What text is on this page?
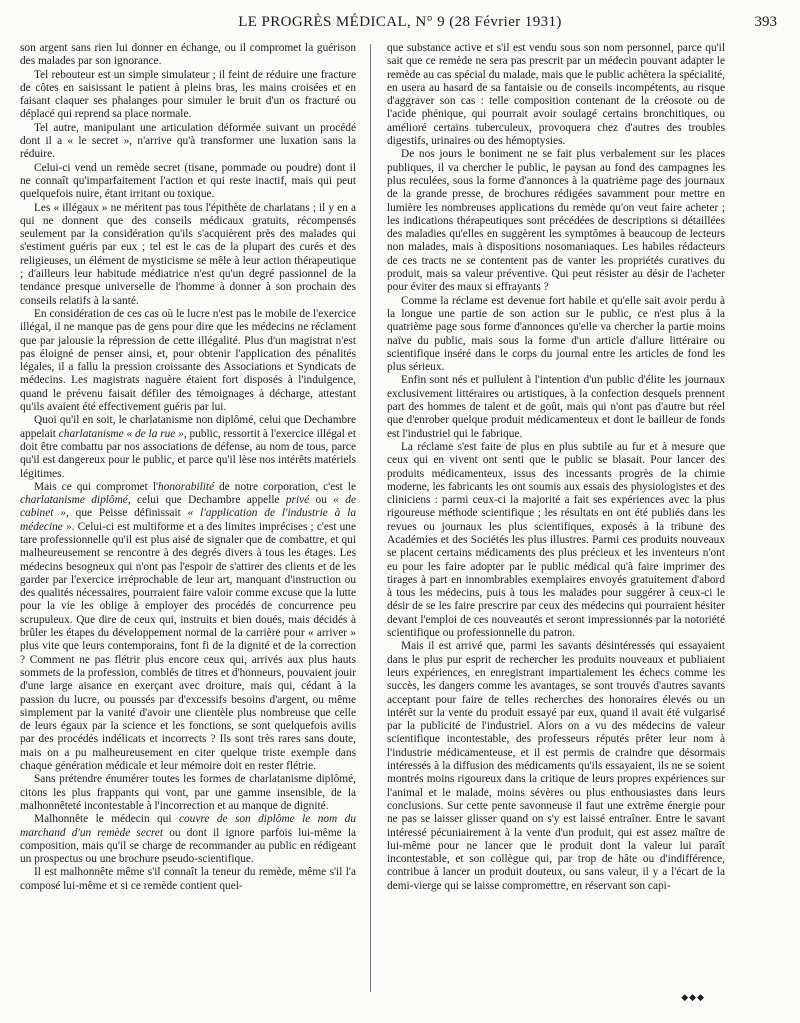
LE PROGRÈS MÉDICAL, N° 9 (28 Février 1931)	393

son argent sans rien lui donner en échange, ou il compromet la guérison des malades par son ignorance.

Tel rebouteur est un simple simulateur ; il feint de réduire une fracture de côtes en saisissant le patient à pleins bras, les mains croisées et en faisant claquer ses phalanges pour simuler le bruit d'un os fracturé ou déplacé qui reprend sa place normale.

Tel autre, manipulant une articulation déformée suivant un procédé dont il a « le secret », n'arrive qu'à transformer une luxation sans la réduire.

Celui-ci vend un remède secret (tisane, pommade ou poudre) dont il ne connaît qu'imparfaitement l'action et qui reste inactif, mais qui peut quelquefois nuire, étant irritant ou toxique.

Les « illégaux » ne méritent pas tous l'épithète de charlatans ; il y en a qui ne donnent que des conseils médicaux gratuits, récompensés seulement par la considération qu'ils s'acquièrent près des malades qui s'estiment guéris par eux ; tel est le cas de la plupart des curés et des religieuses, un élément de mysticisme se mêle à leur action thérapeutique ; d'ailleurs leur habitude médiatrice n'est qu'un degré passionnel de la tendance presque universelle de l'homme à donner à son prochain des conseils relatifs à la santé.

En considération de ces cas où le lucre n'est pas le mobile de l'exercice illégal, il ne manque pas de gens pour dire que les médecins ne réclament que par jalousie la répression de cette illégalité. Plus d'un magistrat n'est pas éloigné de penser ainsi, et, pour obtenir l'application des pénalités légales, il a fallu la pression croissante des Associations et Syndicats de médecins. Les magistrats naguère étaient fort disposés à l'indulgence, quand le prévenu faisait défiler des témoignages à décharge, attestant qu'ils avaient été effectivement guéris par lui.

Quoi qu'il en soit, le charlatanisme non diplômé, celui que Dechambre appelait charlatanisme « de la rue », public, ressortit à l'exercice illégal et doit être combattu par nos associations de défense, au nom de tous, parce qu'il est dangereux pour le public, et parce qu'il lèse nos intérêts matériels légitimes.

Mais ce qui compromet l'honorabilité de notre corporation, c'est le charlatanisme diplômé, celui que Dechambre appelle privé ou « de cabinet », que Peisse définissait « l'application de l'industrie à la médecine ». Celui-ci est multiforme et a des limites imprécises ; c'est une tare professionnelle qu'il est plus aisé de signaler que de combattre, et qui malheureusement se rencontre à des degrés divers à tous les étages. Les médecins besogneux qui n'ont pas l'espoir de s'attirer des clients et de les garder par l'exercice irréprochable de leur art, manquant d'instruction ou des qualités nécessaires, pourraient faire valoir comme excuse que la lutte pour la vie les oblige à employer des procédés de concurrence peu scrupuleux. Que dire de ceux qui, instruits et bien doués, mais décidés à brûler les étapes du développement normal de la carrière pour « arriver » plus vite que leurs contemporains, font fi de la dignité et de la correction ? Comment ne pas flétrir plus encore ceux qui, arrivés aux plus hauts sommets de la profession, comblés de titres et d'honneurs, pouvaient jouir d'une large aisance en exerçant avec droiture, mais qui, cédant à la passion du lucre, ou poussés par d'excessifs besoins d'argent, ou même simplement par la vanité d'avoir une clientèle plus nombreuse que celle de leurs égaux par la science et les fonctions, se sont quelquefois avilis par des procédés indélicats et incorrects ? Ils sont très rares sans doute, mais on a pu malheureusement en citer quelque triste exemple dans chaque génération médicale et leur mémoire doit en rester flétrie.

Sans prétendre énumérer toutes les formes de charlatanisme diplômé, citons les plus frappants qui vont, par une gamme insensible, de la malhonnêteté incontestable à l'incorrection et au manque de dignité.

Malhonnête le médecin qui couvre de son diplôme le nom du marchand d'un remède secret ou dont il ignore parfois lui-même la composition, mais qu'il se charge de recommander au public en rédigeant un prospectus ou une brochure pseudo-scientifique.

Il est malhonnête même s'il connaît la teneur du remède, même s'il l'a composé lui-même et si ce remède contient quel-

que substance active et s'il est vendu sous son nom personnel, parce qu'il sait que ce remède ne sera pas prescrit par un médecin pouvant adapter le remède au cas spécial du malade, mais que le public achètera la spécialité, en usera au hasard de sa fantaisie ou de conseils incompétents, au risque d'aggraver son cas : telle composition contenant de la créosote ou de l'acide phénique, qui pourrait avoir soulagé certains bronchitiques, ou amélioré certains tuberculeux, provoquera chez d'autres des troubles digestifs, urinaires ou des hémoptysies.

De nos jours le boniment ne se fait plus verbalement sur les places publiques, il va chercher le public, le paysan au fond des campagnes les plus reculées, sous la forme d'annonces à la quatrième page des journaux de la grande presse, de brochures rédigées savamment pour mettre en lumière les nombreuses applications du remède qu'on veut faire acheter ; les indications thérapeutiques sont précédées de descriptions si détaillées des maladies qu'elles en suggèrent les symptômes à beaucoup de lecteurs non malades, mais à dispositions nosomaniaques. Les habiles rédacteurs de ces tracts ne se contentent pas de vanter les propriétés curatives du produit, mais sa valeur préventive. Qui peut résister au désir de l'acheter pour éviter des maux si effrayants ?

Comme la réclame est devenue fort habile et qu'elle sait avoir perdu à la longue une partie de son action sur le public, ce n'est plus à la quatrième page sous forme d'annonces qu'elle va chercher la partie moins naïve du public, mais sous la forme d'un article d'allure littéraire ou scientifique inséré dans le corps du journal entre les articles de fond les plus sérieux.

Enfin sont nés et pullulent à l'intention d'un public d'élite les journaux exclusivement littéraires ou artistiques, à la confection desquels prennent part des hommes de talent et de goût, mais qui n'ont pas d'autre but réel que d'enrober quelque produit médicamenteux et dont le bailleur de fonds est l'industriel qui le fabrique.

La réclame s'est faite de plus en plus subtile au fur et à mesure que ceux qui en vivent ont senti que le public se blasait. Pour lancer des produits médicamenteux, issus des incessants progrès de la chimie moderne, les fabricants les ont soumis aux essais des physiologistes et des cliniciens : parmi ceux-ci la majorité a fait ses expériences avec la plus rigoureuse méthode scientifique ; les résultats en ont été publiés dans les revues ou journaux les plus scientifiques, exposés à la tribune des Académies et des Sociétés les plus illustres. Parmi ces produits nouveaux se placent certains médicaments des plus précieux et les inventeurs n'ont eu pour les faire adopter par le public médical qu'à faire imprimer des tirages à part en innombrables exemplaires envoyés gratuitement d'abord à tous les médecins, puis à tous les malades pour suggérer à ceux-ci le désir de se les faire prescrire par ceux des médecins qui pourraient hésiter devant l'emploi de ces nouveautés et seront impressionnés par la notoriété scientifique ou professionnelle du patron.

Mais il est arrivé que, parmi les savants désintéressés qui essayaient dans le plus pur esprit de rechercher les produits nouveaux et publiaient leurs expériences, en enregistrant impartialement les échecs comme les succès, les dangers comme les avantages, se sont trouvés d'autres savants acceptant pour faire de telles recherches des honoraires élevés ou un intérêt sur la vente du produit essayé par eux, quand il avait été vulgarisé par la publicité de l'industriel. Alors on a vu des médecins de valeur scientifique incontestable, des professeurs réputés prêter leur nom à l'industrie médicamenteuse, et il est permis de craindre que désormais intéressés à la diffusion des médicaments qu'ils essayaient, ils ne se soient montrés moins rigoureux dans la critique de leurs propres expériences sur l'animal et le malade, moins sévères ou plus enthousiastes dans leurs conclusions. Sur cette pente savonneuse il faut une extrême énergie pour ne pas se laisser glisser quand on s'y est laissé entraîner. Entre le savant intéressé pécuniairement à la vente d'un produit, qui est assez maître de lui-même pour ne lancer que le produit dont la valeur lui paraît incontestable, et son collègue qui, par trop de hâte ou d'indifférence, contribue à lancer un produit douteux, ou sans valeur, il y a l'écart de la demi-vierge qui se laisse compromettre, en réservant son capi-

◆◆◆
